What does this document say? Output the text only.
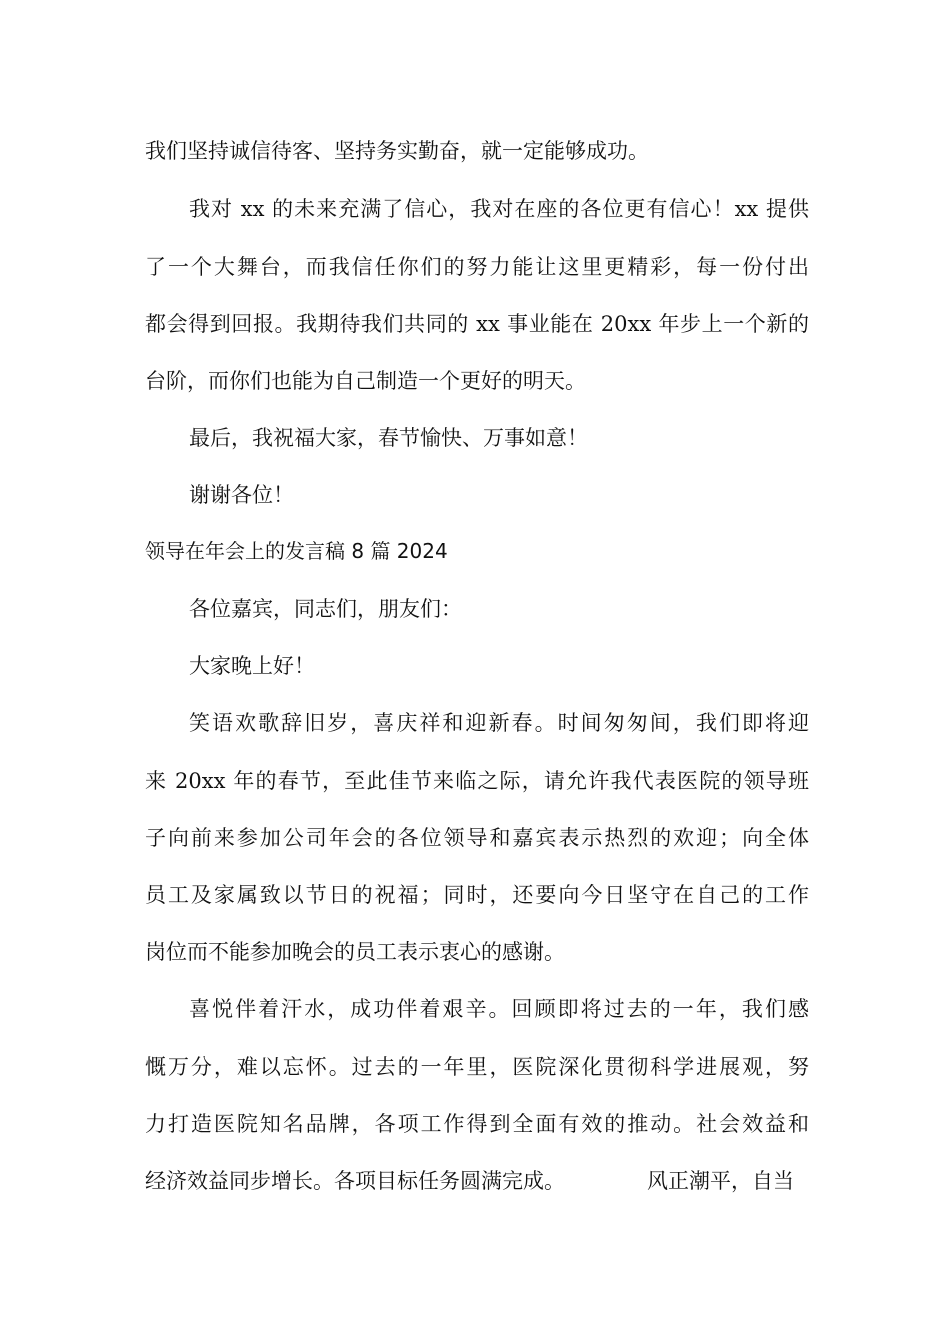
我们坚持诚信待客、坚持务实勤奋，就一定能够成功。
我对 xx 的未来充满了信心，我对在座的各位更有信心！xx 提供
了一个大舞台，而我信任你们的努力能让这里更精彩，每一份付出
都会得到回报。我期待我们共同的 xx 事业能在 20xx 年步上一个新的
台阶，而你们也能为自己制造一个更好的明天。
最后，我祝福大家，春节愉快、万事如意！
谢谢各位！
领导在年会上的发言稿 8 篇 2024
各位嘉宾，同志们，朋友们：
大家晚上好！
笑语欢歌辞旧岁，喜庆祥和迎新春。时间匆匆间，我们即将迎
来 20xx 年的春节，至此佳节来临之际，请允许我代表医院的领导班
子向前来参加公司年会的各位领导和嘉宾表示热烈的欢迎；向全体
员工及家属致以节日的祝福；同时，还要向今日坚守在自己的工作
岗位而不能参加晚会的员工表示衷心的感谢。
喜悦伴着汗水，成功伴着艰辛。回顾即将过去的一年，我们感
慨万分，难以忘怀。过去的一年里，医院深化贯彻科学进展观，努
力打造医院知名品牌，各项工作得到全面有效的推动。社会效益和
经济效益同步增长。各项目标任务圆满完成。	风正潮平，自当
